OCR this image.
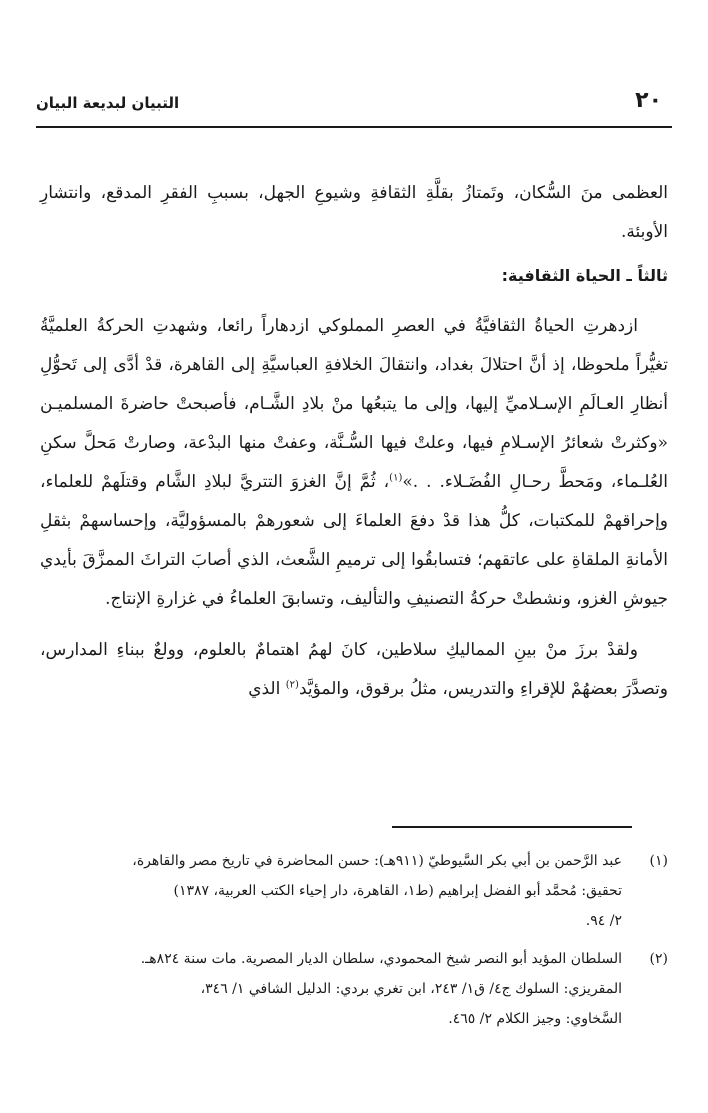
٢٠
التبيان لبديعة البيان

العظمى منَ السُّكان، وتَمتازُ بقلَّةِ الثقافةِ وشيوعِ الجهل، بسببِ الفقرِ المدقع، وانتشارِ الأوبئة.

ثالثاً ـ الحياة الثقافية:

ازدهرتِ الحياةُ الثقافيَّةُ في العصرِ المملوكي ازدهاراً رائعا، وشهدتِ الحركةُ العلميَّةُ تغيُّراً ملحوظا، إذ أنَّ احتلالَ بغداد، وانتقالَ الخلافةِ العباسيَّةِ إلى القاهرة، قدْ أدَّى إلى تَحوُّلِ أنظارِ العـالَمِ الإسـلاميِّ إليها، وإلى ما يتبعُها منْ بلادِ الشَّـام، فأصبحتْ حاضرةَ المسلميـن «وكثرتْ شعائرُ الإسـلامِ فيها، وعلتْ فيها السُّـنَّة، وعفتْ منها البدْعة، وصارتْ مَحلَّ سكنِ العُلـماء، ومَحطَّ رحـالِ الفُضَـلاء. . .»$^{(١)}$، ثُمَّ إنَّ الغزوَ التتريَّ لبلادِ الشَّام وقتلَهمْ للعلماء، وإحراقهمْ للمكتبات، كلُّ هذا قدْ دفعَ العلماءَ إلى شعورهمْ بالمسؤوليَّة، وإحساسهمْ بثقلِ الأمانةِ الملقاةِ على عاتقهم؛ فتسابقُوا إلى ترميمِ الشَّعث، الذي أصابَ التراثَ الممزَّقَ بأيدي جيوشِ الغزو، ونشطتْ حركةُ التصنيفِ والتأليف، وتسابقَ العلماءُ في غزارةِ الإنتاج.

ولقدْ برزَ منْ بينِ المماليكِ سلاطين، كانَ لهمُ اهتمامٌ بالعلوم، وولعٌ ببناءِ المدارس، وتصدَّرَ بعضهُمْ للإقراءِ والتدريس، مثلُ برقوق، والمؤيَّد$^{(٢)}$ الذي

(١)
عبد الرَّحمن بن أبي بكر السَّيوطيّ (٩١١هـ): حسن المحاضرة في تاريخ مصر والقاهرة،
تحقيق: مُحمَّد أبو الفضل إبراهيم (ط١، القاهرة، دار إحياء الكتب العربية، ١٣٨٧)
٢/ ٩٤.
(٢)
السلطان المؤيد أبو النصر شيخ المحمودي، سلطان الديار المصرية. مات سنة ٨٢٤هـ.
المقريزي: السلوك ج٤/ ق١/ ٢٤٣، ابن تغري بردي: الدليل الشافي ١/ ٣٤٦،
السَّخاوي: وجيز الكلام ٢/ ٤٦٥.
